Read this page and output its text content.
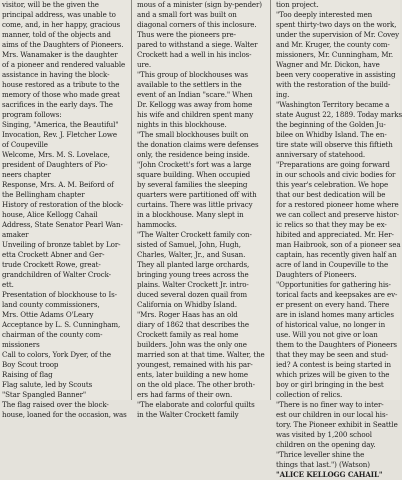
visitor, will be the given the
principal address, was unable to
come, and, in her happy, gracious
manner, told of the objects and
aims of the Daughters of Pioneers.
Mrs. Wanamaker is the daughter
of a pioneer and rendered valuable
assistance in having the block-
house restored as a tribute to the
memory of those who made great
sacrifices in the early days. The
program follows:
Singing, "America, the Beautiful"
Invocation, Rev. J. Fletcher Lowe
of Coupeville
Welcome, Mrs. M. S. Lovelace,
president of Daughters of Pio-
neers chapter
Response, Mrs. A. M. Beiford of
the Bellingham chapter
History of restoration of the block-
house, Alice Kellogg Cahail
Address, State Senator Pearl Wan-
amaker
Unveiling of bronze tablet by Lor-
etta Crockett Abner and Ger-
trude Crockett Rowe, great-
grandchildren of Walter Crock-
ett.
Presentation of blockhouse to Is-
land county commissioners,
Mrs. Ottie Adams O'Leary
Acceptance by L. S. Cunningham,
chairman of the county com-
missioners
Call to colors, York Dyer, of the
Boy Scout troop
Raising of flag
Flag salute, led by Scouts
"Star Spangled Banner"
The flag raised over the block-
house, loaned for the occasion, was
mous of a minister (sign by-pender)
and a small fort was built on
diagonal corners of this inclosure.
Thus were the pioneers pre-
pared to withstand a siege. Walter
Crockett had a well in his inclos-
ure.
"This group of blockhouses was
available to the settlers in the
event of an Indian "scare." When
Dr. Kellogg was away from home
his wife and children spent many
nights in this blockhouse.
"The small blockhouses built on
the donation claims were defenses
only, the residence being inside.
"John Crockett's fort was a large
square building. When occupied
by several families the sleeping
quarters were partitioned off with
curtains. There was little privacy
in a blockhouse. Many slept in
hammocks.
"The Walter Crockett family con-
sisted of Samuel, John, Hugh,
Charles, Walter, Jr., and Susan.
They all planted large orchards,
bringing young trees across the
plains. Walter Crockett Jr. intro-
duced several dozen quail from
California on Whidby Island.
"Mrs. Roger Haas has an old
diary of 1862 that describes the
Crockett family as real home
builders. John was the only one
married son at that time. Walter, the
youngest, remained with his par-
ents, later building a new home
on the old place. The other broth-
ers had farms of their own.
"The elaborate and colorful quilts
in the Walter Crockett family
tion project.
"Too deeply interested men
spent thirty-two days on the work,
under the supervision of Mr. Covey
and Mr. Kruger, the county com-
missioners, Mr. Cunningham, Mr.
Wagner and Mr. Dickon, have
been very cooperative in assisting
with the restoration of the build-
ing.
"Washington Territory became a
state August 22, 1889. Today marks
the beginning of the Golden Ju-
bilee on Whidby Island. The en-
tire state will observe this fiftieth
anniversary of statehood.
"Preparations are going forward
in our schools and civic bodies for
this year's celebration. We hope
that our best dedication will be
for a restored pioneer home where
we can collect and preserve histor-
ic relics so that they may be ex-
hibited and appreciated. Mr. Her-
man Haibrook, son of a pioneer sea
captain, has recently given half an
acre of land in Coupeville to the
Daughters of Pioneers.
"Opportunities for gathering his-
torical facts and keepsakes are ev-
er present on every hand. There
are in island homes many articles
of historical value, no longer in
use. Will you not give or loan
them to the Daughters of Pioneers
that they may be seen and stud-
ied? A contest is being started in
which prizes will be given to the
boy or girl bringing in the best
collection of relics.
"There is no finer way to inter-
est our children in our local his-
tory. The Pioneer exhibit in Seattle
was visited by 1,200 school
children on the opening day.
"Thrice leveller shine the
things that last.") (Watson)
"ALICE KELLOGG CAHAIL"
